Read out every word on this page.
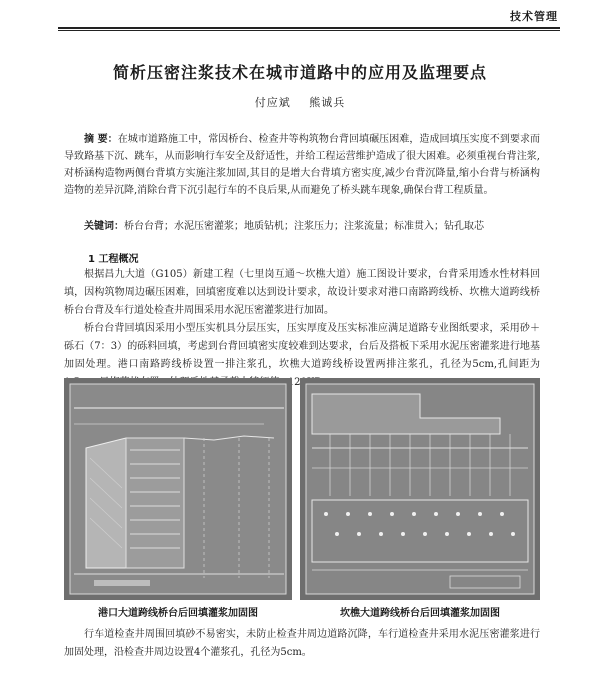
技术管理
简析压密注浆技术在城市道路中的应用及监理要点
付应斌 熊诚兵
摘 要：在城市道路施工中，常因桥台、检查井等构筑物台背回填碾压困难，造成回填压实度不到要求而导致路基下沉、跳车，从而影响行车安全及舒适性，并给工程运营维护造成了很大困难。必须重视台背注浆,对桥涵构造物两侧台背填方实施注浆加固,其目的是增大台背填方密实度,减少台背沉降量,缩小台背与桥涵构造物的差异沉降,消除台背下沉引起行车的不良后果,从而避免了桥头跳车现象,确保台背工程质量。
关键词：桥台台背；水泥压密灌浆；地质钻机；注浆压力；注浆流量；标准贯入；钻孔取芯
1 工程概况
根据昌九大道（G105）新建工程（七里岗互通～坎樵大道）施工图设计要求，台背采用透水性材料回填，因构筑物周边碾压困难，回填密度难以达到设计要求，故设计要求对港口南路跨线桥、坎樵大道跨线桥桥台台背及车行道处检查井周围采用水泥压密灌浆进行加固。
桥台台背回填因采用小型压实机具分层压实，压实厚度及压实标准应满足道路专业图纸要求，采用砂＋砾石（7：3）的砾料回填，考虑到台背回填密实度较难到达要求，台后及搭板下采用水泥压密灌浆进行地基加固处理。港口南路跨线桥设置一排注浆孔，坎樵大道跨线桥设置两排注浆孔，孔径为5cm,孔间距为 特征值≥120KPa。
港口大道跨线桥台后回填灌浆加固图	坎樵大道跨线桥台后回填灌浆加固图
行车道检查井周围回填砂不易密实，未防止检查井周边道路沉降，车行道检查井采用水泥压密灌浆进行加固处理，沿检查井周边设置4个灌浆孔，孔径为5cm。
